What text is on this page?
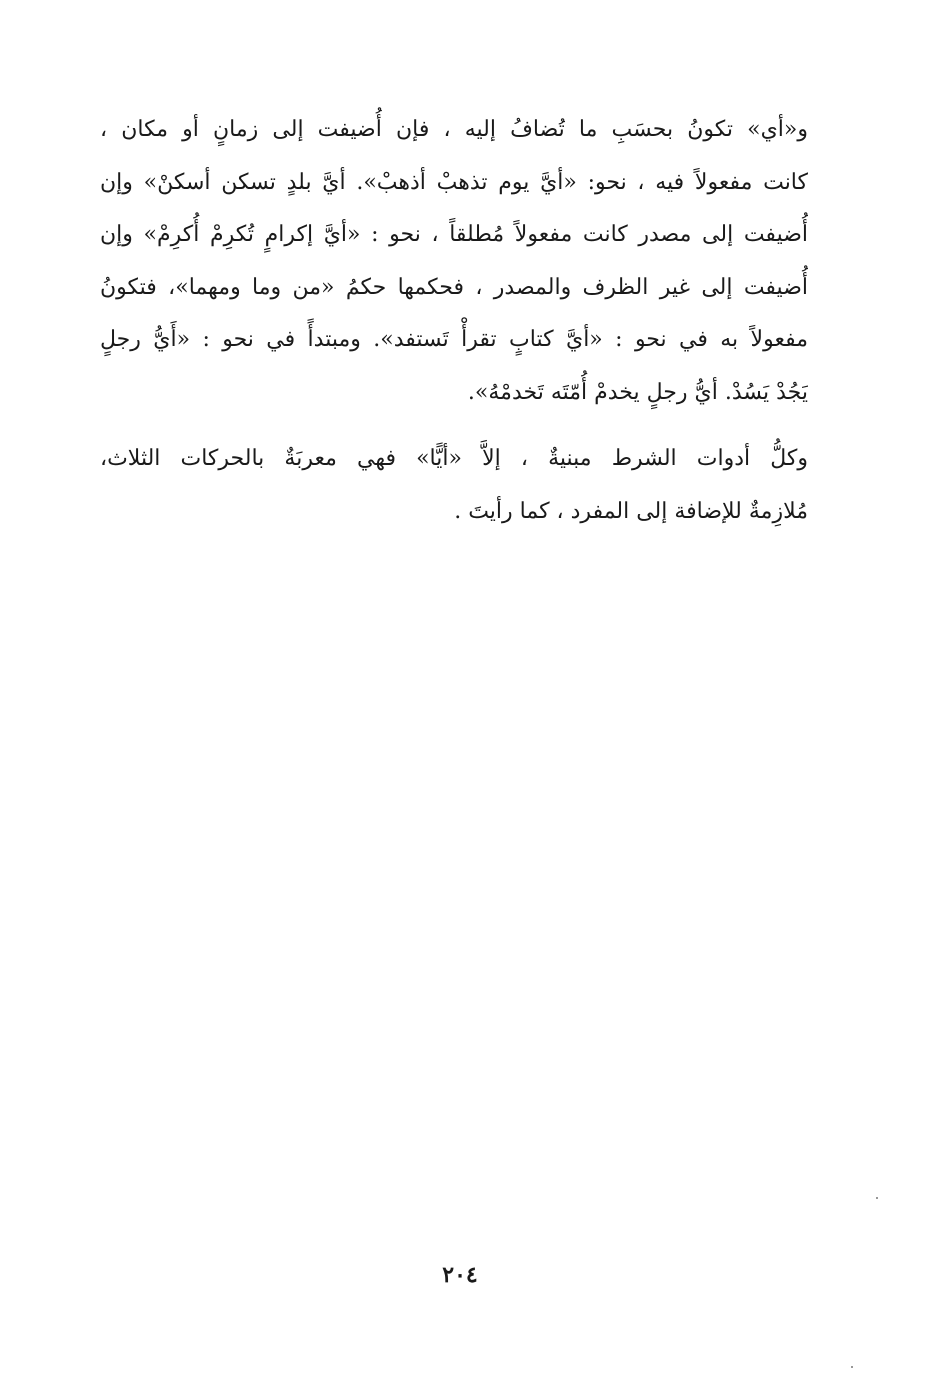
و«أي» تكونُ بحسَبِ ما تُضافُ إليه ، فإن أُضيفت إلى زمانٍ أو مكان ،
كانت مفعولاً فيه ، نحو: «أيَّ يوم تذهبْ أذهبْ». أيَّ بلدٍ تسكن أسكنْ» وإن
أُضيفت إلى مصدر كانت مفعولاً مُطلقاً ، نحو : «أيَّ إكرامٍ تُكرِمْ أُكرِمْ» وإن
أُضيفت إلى غير الظرف والمصدر ، فحكمها حكمُ «من وما ومهما»، فتكونُ
مفعولاً به في نحو : «أيَّ كتابٍ تقرأْ تَستفد». ومبتدأً في نحو : «أَيُّ رجلٍ
يَجُدْ يَسُدْ. أيُّ رجلٍ يخدمْ أُمّتَه تَخدمْهُ».

وكلُّ أدوات الشرط مبنيةٌ ، إلاَّ «أيًّا» فهي معربَةٌ بالحركات الثلاث،
مُلازِمةٌ للإضافة إلى المفرد ، كما رأيتَ .

٢٠٤
